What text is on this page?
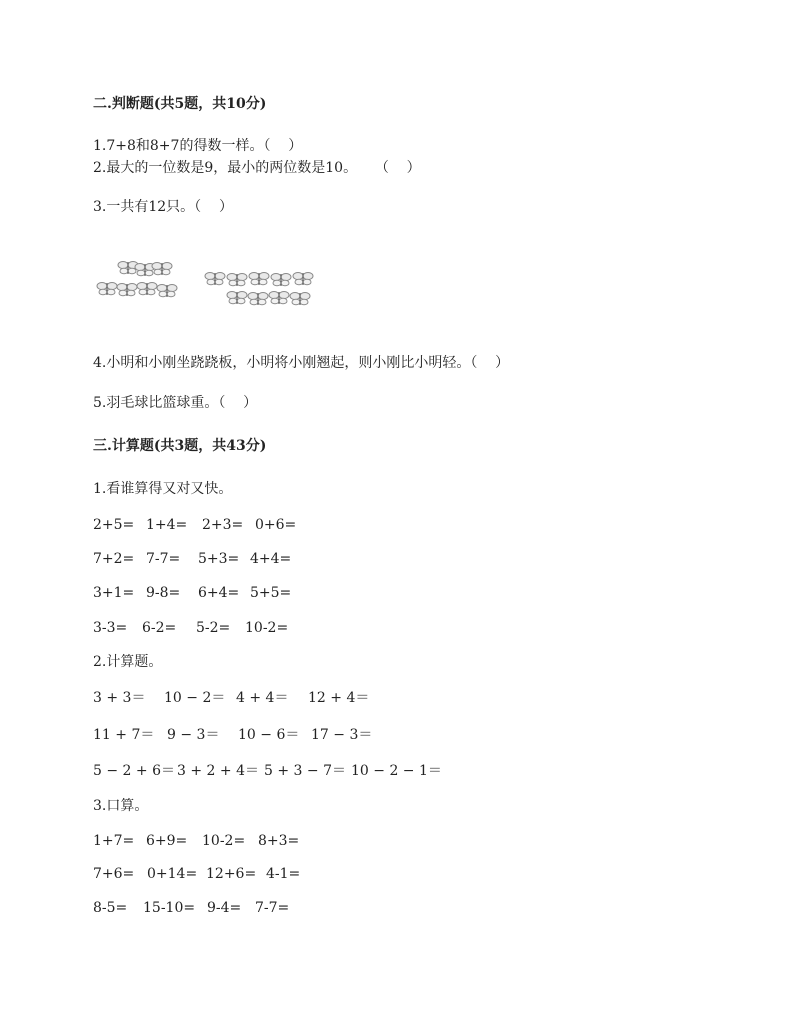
二.判断题(共5题，共10分)
1.7+8和8+7的得数一样。（    ）
2.最大的一位数是9，最小的两位数是10。    （    ）
3.一共有12只。（    ）
4.小明和小刚坐跷跷板，小明将小刚翘起，则小刚比小明轻。（    ）
5.羽毛球比篮球重。（    ）
三.计算题(共3题，共43分)
1.看谁算得又对又快。

2+5=

1+4=

2+3=

0+6=

7+2=

7-7=

5+3=

4+4=

3+1=

9-8=

6+4=

5+5=

3-3=

6-2=

5-2=

10-2=

2.计算题。

3 + 3＝

10 − 2＝

4 + 4＝

12 + 4＝

11 + 7＝

9 − 3＝

10 − 6＝

17 − 3＝

5 − 2 + 6＝

3 + 2 + 4＝

5 + 3 − 7＝

10 − 2 − 1＝

3.口算。

1+7=

6+9=

10-2=

8+3=

7+6=

0+14=

12+6=

4-1=

8-5=

15-10=

9-4=

7-7=
